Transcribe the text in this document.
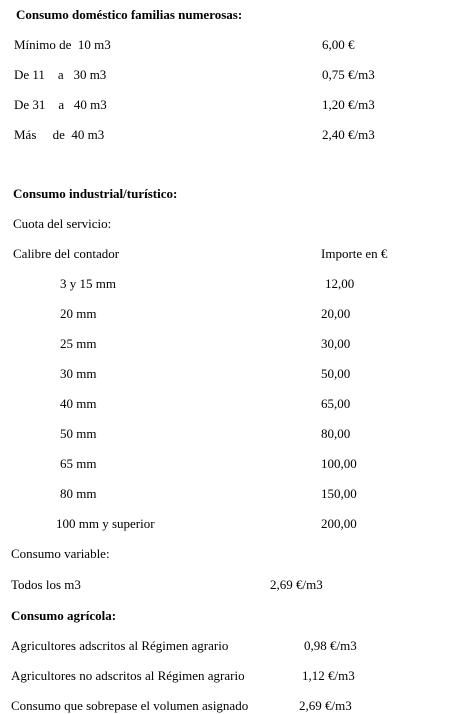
Consumo doméstico familias numerosas:
Mínimo de  10 m3	6,00 €
De 11    a   30 m3	0,75 €/m3
De 31    a   40 m3	1,20 €/m3
Más     de  40 m3	2,40 €/m3
Consumo industrial/turístico:
Cuota del servicio:
Calibre del contador	Importe en €
3 y 15 mm	12,00
20 mm	20,00
25 mm	30,00
30 mm	50,00
40 mm	65,00
50 mm	80,00
65 mm	100,00
80 mm	150,00
100 mm y superior	200,00
Consumo variable:
Todos los m3	2,69 €/m3
Consumo agrícola:
Agricultores adscritos al Régimen agrario	0,98 €/m3
Agricultores no adscritos al Régimen agrario	1,12 €/m3
Consumo que sobrepase el volumen asignado	2,69 €/m3
